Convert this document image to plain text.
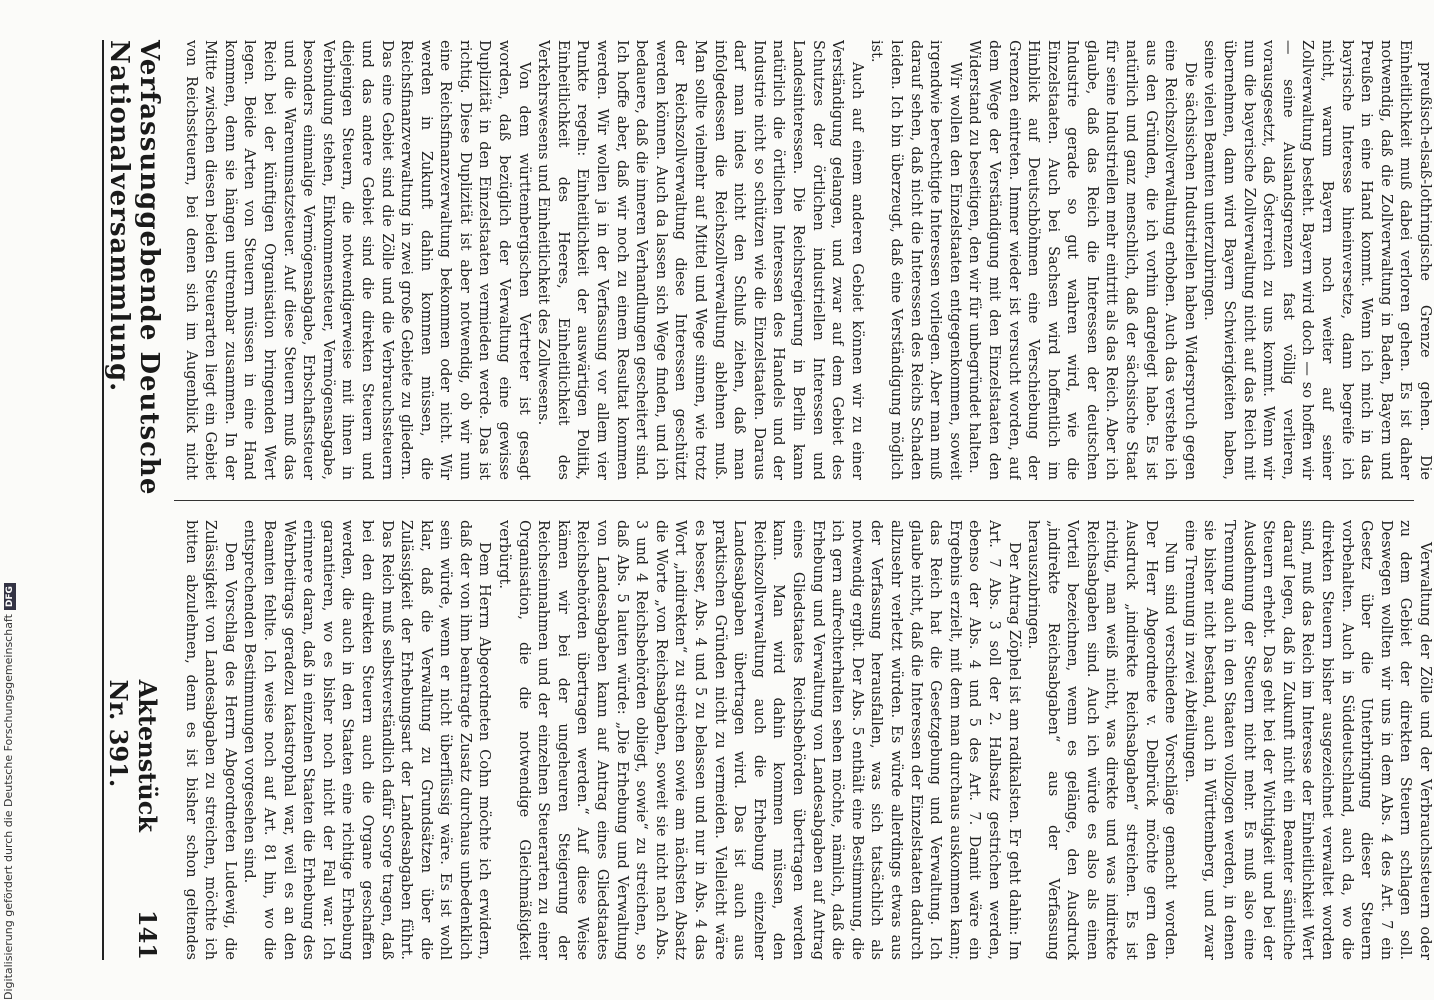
preußisch-elsaß-lothringische Grenze gehen. Die Einheitlichkeit muß dabei verloren gehen. Es ist daher notwendig, daß die Zollverwaltung in Baden, Bayern und Preußen in eine Hand kommt. Wenn ich mich in das bayrische Interesse hineinversetze, dann begreife ich nicht, warum Bayern noch weiter auf seiner Zollverwaltung besteht. Bayern wird doch — so hoffen wir — seine Auslandsgrenzen fast völlig verlieren, vorausgesetzt, daß Österreich zu uns kommt. Wenn wir nun die bayerische Zollverwaltung nicht auf das Reich mit übernehmen, dann wird Bayern Schwierigkeiten haben, seine vielen Beamten unterzubringen.

Die sächsischen Industriellen haben Widerspruch gegen eine Reichszollverwaltung erhoben. Auch das verstehe ich aus den Gründen, die ich vorhin dargelegt habe. Es ist natürlich und ganz menschlich, daß der sächsische Staat für seine Industriellen mehr eintritt als das Reich. Aber ich glaube, daß das Reich die Interessen der deutschen Industrie gerade so gut wahren wird, wie die Einzelstaaten. Auch bei Sachsen wird hoffentlich im Hinblick auf Deutschböhmen eine Verschiebung der Grenzen eintreten. Immer wieder ist versucht worden, auf dem Wege der Verständigung mit den Einzelstaaten den Widerstand zu beseitigen, den wir für unbegründet halten.

Wir wollen den Einzelstaaten entgegenkommen, soweit irgendwie berechtigte Interessen vorliegen. Aber man muß darauf sehen, daß nicht die Interessen des Reichs Schaden leiden. Ich bin überzeugt, daß eine Verständigung möglich ist.

Auch auf einem anderen Gebiet können wir zu einer Verständigung gelangen, und zwar auf dem Gebiet des Schutzes der örtlichen industriellen Interessen und Landesinteressen. Die Reichsregierung in Berlin kann natürlich die örtlichen Interessen des Handels und der Industrie nicht so schützen wie die Einzelstaaten. Daraus darf man indes nicht den Schluß ziehen, daß man infolgedessen die Reichszollverwaltung ablehnen muß. Man sollte vielmehr auf Mittel und Wege sinnen, wie trotz der Reichszollverwaltung diese Interessen geschützt werden können. Auch da lassen sich Wege finden, und ich bedauere, daß die inneren Verhandlungen gescheitert sind. Ich hoffe aber, daß wir noch zu einem Resultat kommen werden. Wir wollen ja in der Verfassung vor allem vier Punkte regeln: Einheitlichkeit der auswärtigen Politik, Einheitlichkeit des Heeres, Einheitlichkeit des Verkehrswesens und Einheitlichkeit des Zollwesens.

Von dem württembergischen Vertreter ist gesagt worden, daß bezüglich der Verwaltung eine gewisse Duplizität in den Einzelstaaten vermieden werde. Das ist richtig. Diese Duplizität ist aber notwendig, ob wir nun eine Reichsfinanzverwaltung bekommen oder nicht. Wir werden in Zukunft dahin kommen müssen, die Reichsfinanzverwaltung in zwei große Gebiete zu gliedern. Das eine Gebiet sind die Zölle und die Verbrauchssteuern und das andere Gebiet sind die direkten Steuern und diejenigen Steuern, die notwendigerweise mit ihnen in Verbindung stehen, Einkommensteuer, Vermögensabgabe, besonders einmalige Vermögensabgabe, Erbschaftssteuer und die Warenumsatzsteuer. Auf diese Steuern muß das Reich bei der künftigen Organisation bringenden Wert legen. Beide Arten von Steuern müssen in eine Hand kommen, denn sie hängen untrennbar zusammen. In der Mitte zwischen diesen beiden Steuerarten liegt ein Gebiet von Reichssteuern, bei denen sich im Augenblick nicht

Verwaltung der Zölle und der Verbrauchssteuern oder zu dem Gebiet der direkten Steuern schlagen soll. Deswegen wollten wir uns in dem Abs. 4 des Art. 7 ein Gesetz über die Unterbringung dieser Steuern vorbehalten. Auch in Süddeutschland, auch da, wo die direkten Steuern bisher ausgezeichnet verwaltet worden sind, muß das Reich im Interesse der Einheitlichkeit Wert darauf legen, daß in Zukunft nicht ein Beamter sämtliche Steuern erhebt. Das geht bei der Wichtigkeit und bei der Ausdehnung der Steuern nicht mehr. Es muß also eine Trennung auch in den Staaten vollzogen werden, in denen sie bisher nicht bestand, auch in Württemberg, und zwar eine Trennung in zwei Abteilungen.

Nun sind verschiedene Vorschläge gemacht worden. Der Herr Abgeordnete v. Delbrück möchte gern den Ausdruck „indirekte Reichsabgaben“ streichen. Es ist richtig, man weiß nicht, was direkte und was indirekte Reichsabgaben sind. Auch ich würde es also als einen Vorteil bezeichnen, wenn es gelänge, den Ausdruck „indirekte Reichsabgaben“ aus der Verfassung herauszubringen.

Der Antrag Zöphel ist am radikalsten. Er geht dahin: Im Art. 7 Abs. 3 soll der 2. Halbsatz gestrichen werden, ebenso der Abs. 4 und 5 des Art. 7. Damit wäre ein Ergebnis erzielt, mit dem man durchaus auskommen kann; das Reich hat die Gesetzgebung und Verwaltung. Ich glaube nicht, daß die Interessen der Einzelstaaten dadurch allzusehr verletzt würden. Es würde allerdings etwas aus der Verfassung herausfallen, was sich tatsächlich als notwendig ergibt. Der Abs. 5 enthält eine Bestimmung, die ich gern aufrechterhalten sehen möchte, nämlich, daß die Erhebung und Verwaltung von Landesabgaben auf Antrag eines Gliedstaates Reichsbehörden übertragen werden kann. Man wird dahin kommen müssen, den Reichszollverwaltung auch die Erhebung einzelner Landesabgaben übertragen wird. Das ist auch aus praktischen Gründen nicht zu vermeiden. Vielleicht wäre es besser, Abs. 4 und 5 zu belassen und nur in Abs. 4 das Wort „indirekten“ zu streichen sowie am nächsten Absatz die Worte „von Reichsabgaben, soweit sie nicht nach Abs. 3 und 4 Reichsbehörden obliegt, sowie“ zu streichen, so daß Abs. 5 lauten würde: „Die Erhebung und Verwaltung von Landesabgaben kann auf Antrag eines Gliedstaates Reichsbehörden übertragen werden.“ Auf diese Weise kämen wir bei der ungeheuren Steigerung der Reichseinnahmen und der einzelnen Steuerarten zu einer Organisation, die die notwendige Gleichmäßigkeit verbürgt.

Dem Herrn Abgeordneten Cohn möchte ich erwidern, daß der von ihm beantragte Zusatz durchaus unbedenklich sein würde, wenn er nicht überflüssig wäre. Es ist wohl klar, daß die Verwaltung zu Grundsätzen über die Zulässigkeit der Erhebungsart der Landesabgaben führt. Das Reich muß selbstverständlich dafür Sorge tragen, daß bei den direkten Steuern auch die Organe geschaffen werden, die auch in den Staaten eine richtige Erhebung garantieren, wo es bisher noch nicht der Fall war. Ich erinnere daran, daß in einzelnen Staaten die Erhebung des Wehrbeitrags geradezu katastrophal war, weil es an den Beamten fehlte. Ich weise noch auf Art. 81 hin, wo die entsprechenden Bestimmungen vorgesehen sind.

Den Vorschlag des Herrn Abgeordneten Ludewig, die Zulässigkeit von Landesabgaben zu streichen, möchte ich bitten abzulehnen, denn es ist bisher schon geltendes

Verfassunggebende Deutsche Nationalversammlung.
Aktenstück Nr. 391.
141
Digitalisierung gefördert durch die Deutsche ForschungsgemeinschaftDFG
